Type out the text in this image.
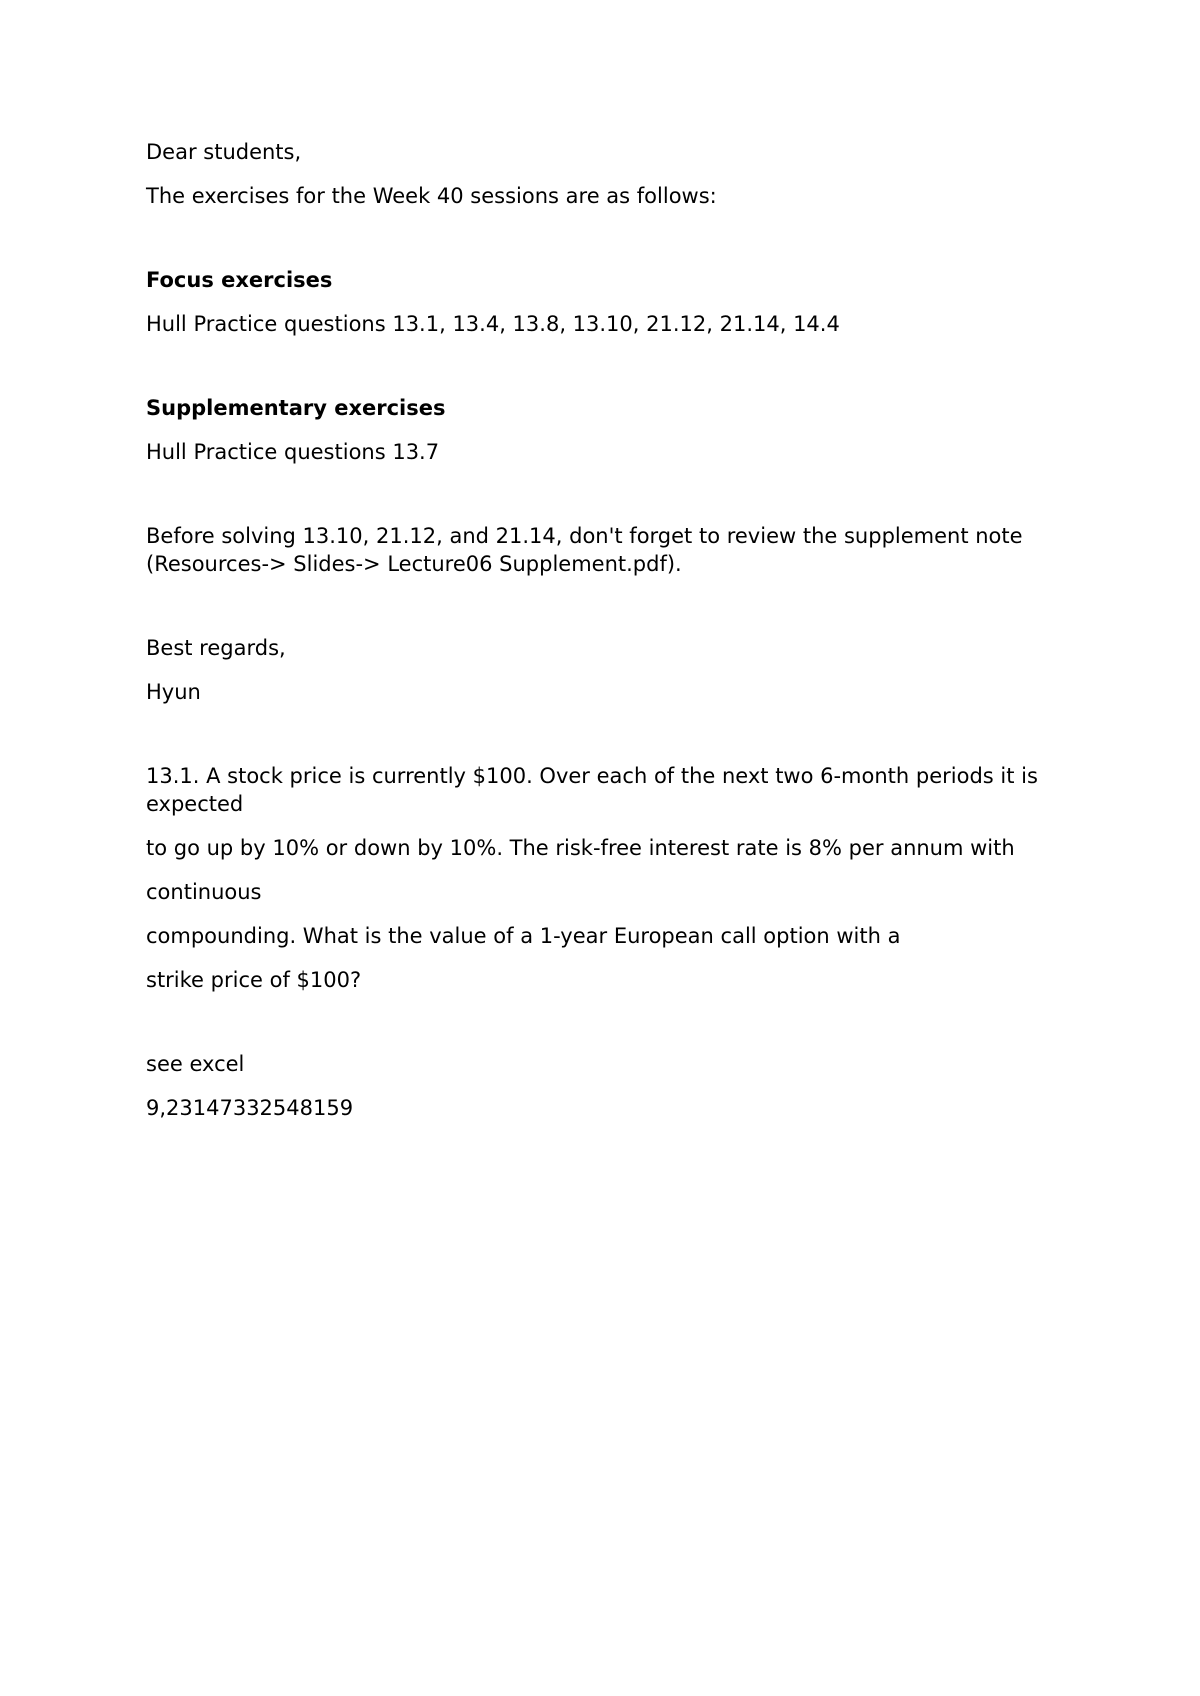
Dear students,

The exercises for the Week 40 sessions are as follows:

Focus exercises

Hull Practice questions 13.1, 13.4, 13.8, 13.10, 21.12, 21.14, 14.4

Supplementary exercises

Hull Practice questions 13.7

Before solving 13.10, 21.12, and 21.14, don't forget to review the supplement note (Resources-> Slides-> Lecture06 Supplement.pdf).

Best regards,

Hyun

13.1. A stock price is currently $100. Over each of the next two 6-month periods it is expected

to go up by 10% or down by 10%. The risk-free interest rate is 8% per annum with

continuous

compounding. What is the value of a 1-year European call option with a

strike price of $100?

see excel

9,23147332548159
